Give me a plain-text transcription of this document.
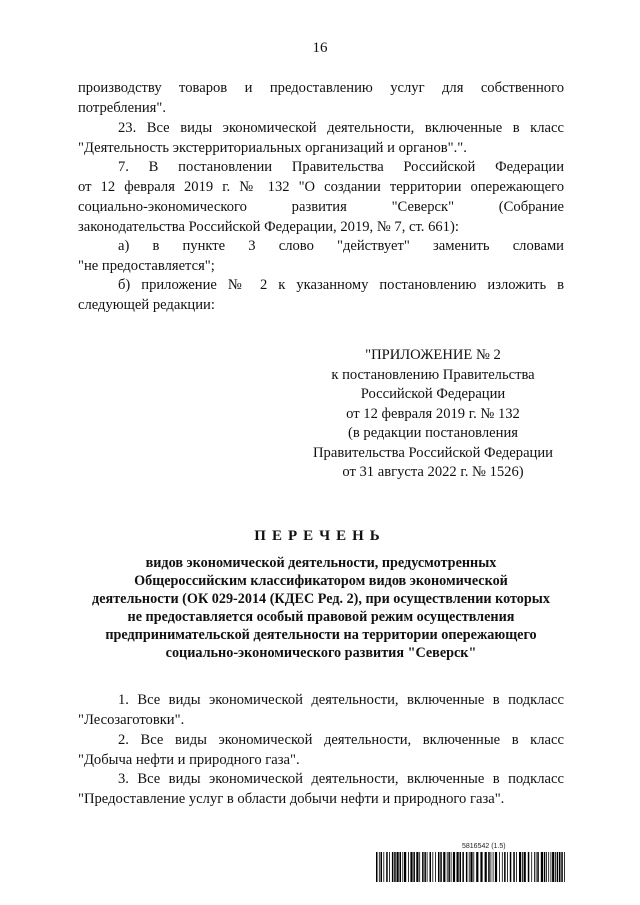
16
производству товаров и предоставлению услуг для собственного
потребления".
23. Все виды экономической деятельности, включенные в класс
"Деятельность экстерриториальных организаций и органов".".
7. В постановлении Правительства Российской Федерации
от 12 февраля 2019 г. № 132 "О создании территории опережающего
социально-экономического развития "Северск" (Собрание
законодательства Российской Федерации, 2019, № 7, ст. 661):
а) в пункте 3 слово "действует" заменить словами
"не предоставляется";
б) приложение № 2 к указанному постановлению изложить в
следующей редакции:
"ПРИЛОЖЕНИЕ № 2
к постановлению Правительства
Российской Федерации
от 12 февраля 2019 г. № 132
(в редакции постановления
Правительства Российской Федерации
от 31 августа 2022 г. № 1526)
ПЕРЕЧЕНЬ
видов экономической деятельности, предусмотренных
Общероссийским классификатором видов экономической
деятельности (ОК 029-2014 (КДЕС Ред. 2), при осуществлении которых
не предоставляется особый правовой режим осуществления
предпринимательской деятельности на территории опережающего
социально-экономического развития "Северск"
1. Все виды экономической деятельности, включенные в подкласс
"Лесозаготовки".
2. Все виды экономической деятельности, включенные в класс
"Добыча нефти и природного газа".
3. Все виды экономической деятельности, включенные в подкласс
"Предоставление услуг в области добычи нефти и природного газа".
5816542 (1.5)
